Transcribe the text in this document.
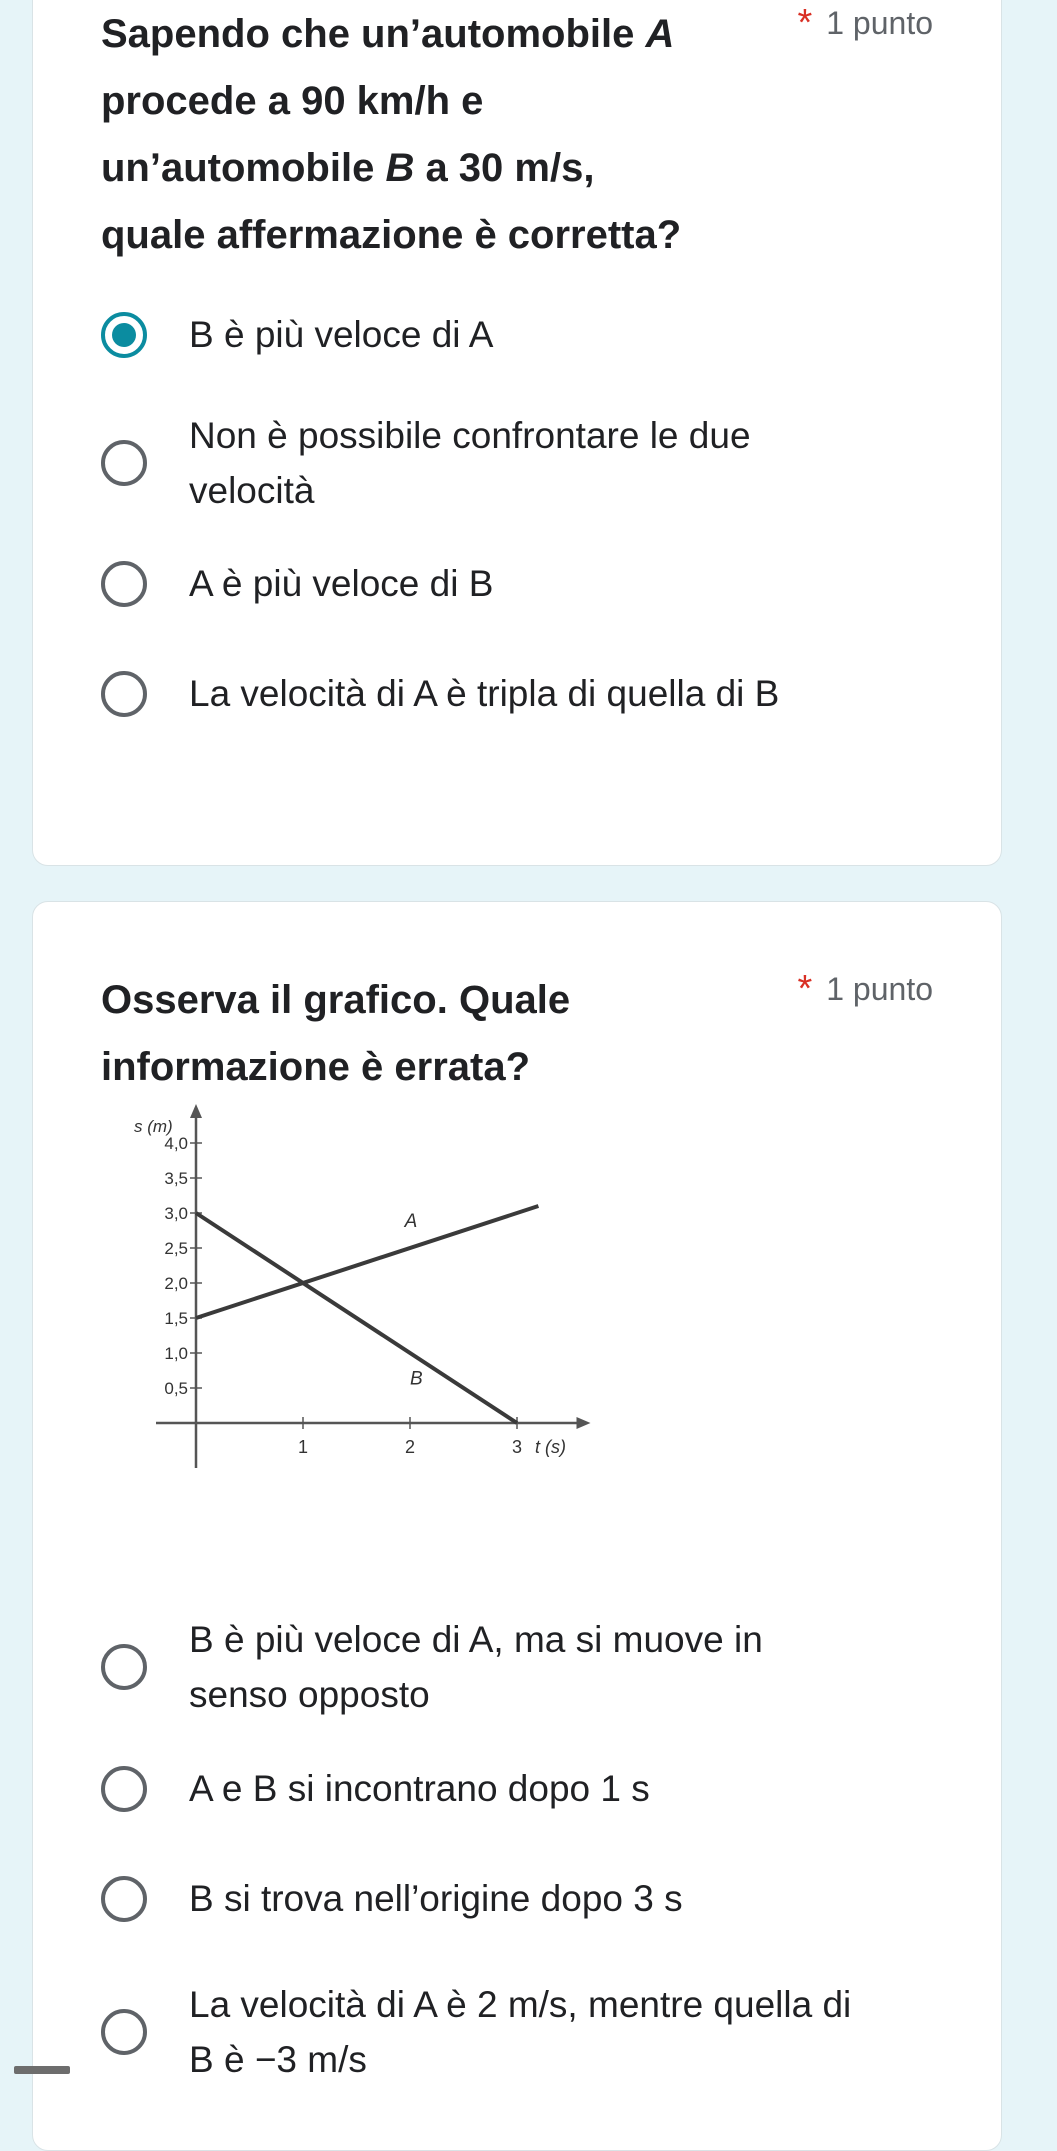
Sapendo che un’automobile A procede a 90 km/h e un’automobile B a 30 m/s, quale affermazione è corretta?

* 1 punto
B è più veloce di A
Non è possibile confrontare le due velocità
A è più veloce di B
La velocità di A è tripla di quella di B

Osserva il grafico. Quale informazione è errata?

* 1 punto
0,5
1,0
1,5
2,0
2,5
3,0
3,5
4,0
1	2	3
s (m)
t (s)
A
B
B è più veloce di A, ma si muove in senso opposto
A e B si incontrano dopo 1 s
B si trova nell’origine dopo 3 s
La velocità di A è 2 m/s, mentre quella di B è −3 m/s
